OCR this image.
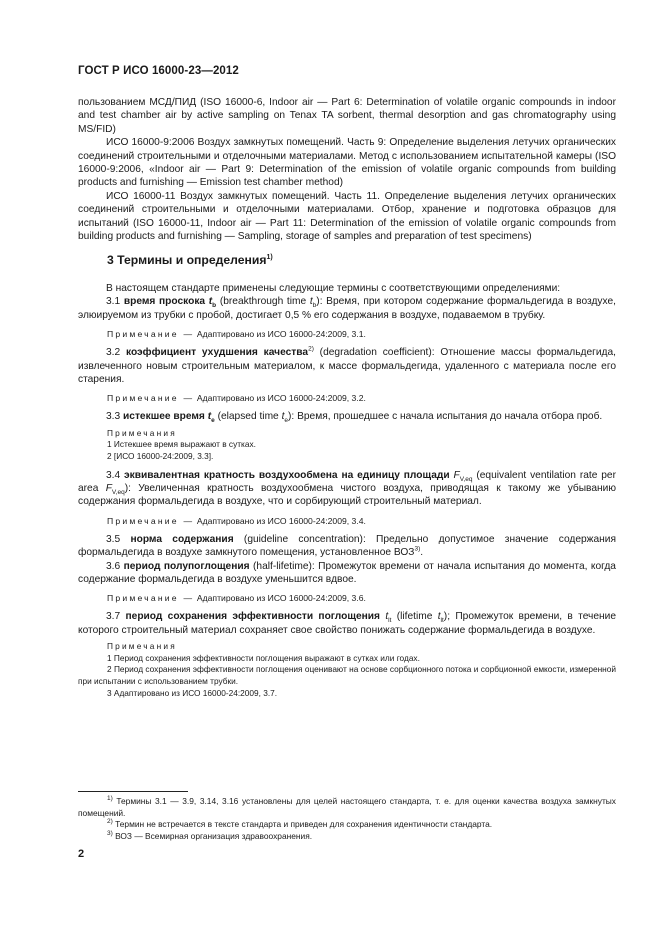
ГОСТ Р ИСО 16000-23—2012

пользованием МСД/ПИД (ISO 16000-6, Indoor air — Part 6: Determination of volatile organic compounds in indoor and test chamber air by active sampling on Tenax TA sorbent, thermal desorption and gas chromatography using MS/FID)

ИСО 16000-9:2006 Воздух замкнутых помещений. Часть 9: Определение выделения летучих органических соединений строительными и отделочными материалами. Метод с использованием испытательной камеры (ISO 16000-9:2006, «Indoor air — Part 9: Determination of the emission of volatile organic compounds from building products and furnishing — Emission test chamber method)

ИСО 16000-11 Воздух замкнутых помещений. Часть 11. Определение выделения летучих органических соединений строительными и отделочными материалами. Отбор, хранение и подготовка образцов для испытаний (ISO 16000-11, Indoor air — Part 11: Determination of the emission of volatile organic compounds from building products and furnishing — Sampling, storage of samples and preparation of test specimens)

3 Термины и определения$^{1)}$

В настоящем стандарте применены следующие термины с соответствующими определениями:

3.1 время проскока $t_b$ (breakthrough time $t_b$): Время, при котором содержание формальдегида в воздухе, элюируемом из трубки с пробой, достигает 0,5 % его содержания в воздухе, подаваемом в трубку.

Примечание — Адаптировано из ИСО 16000-24:2009, 3.1.

3.2 коэффициент ухудшения качества$^{2)}$ (degradation coefficient): Отношение массы формальдегида, извлеченного новым строительным материалом, к массе формальдегида, удаленного с материала после его старения.

Примечание — Адаптировано из ИСО 16000-24:2009, 3.2.

3.3 истекшее время $t_e$ (elapsed time $t_e$): Время, прошедшее с начала испытания до начала отбора проб.

Примечания
1 Истекшее время выражают в сутках.
2 [ИСО 16000-24:2009, 3.3].

3.4 эквивалентная кратность воздухообмена на единицу площади $F_{V,eq}$ (equivalent ventilation rate per area $F_{V,eq}$): Увеличенная кратность воздухообмена чистого воздуха, приводящая к такому же убыванию содержания формальдегида в воздухе, что и сорбирующий строительный материал.

Примечание — Адаптировано из ИСО 16000-24:2009, 3.4.

3.5 норма содержания (guideline concentration): Предельно допустимое значение содержания формальдегида в воздухе замкнутого помещения, установленное ВОЗ$^{3)}$.

3.6 период полупоглощения (half-lifetime): Промежуток времени от начала испытания до момента, когда содержание формальдегида в воздухе уменьшится вдвое.

Примечание — Адаптировано из ИСО 16000-24:2009, 3.6.

3.7 период сохранения эффективности поглощения $t_{lt}$ (lifetime $t_{lt}$); Промежуток времени, в течение которого строительный материал сохраняет свое свойство понижать содержание формальдегида в воздухе.

Примечания
1 Период сохранения эффективности поглощения выражают в сутках или годах.
2 Период сохранения эффективности поглощения оценивают на основе сорбционного потока и сорбционной емкости, измеренной при испытании с использованием трубки.
3 Адаптировано из ИСО 16000-24:2009, 3.7.

$^{1)}$ Термины 3.1 — 3.9, 3.14, 3.16 установлены для целей настоящего стандарта, т. е. для оценки качества воздуха замкнутых помещений.

$^{2)}$ Термин не встречается в тексте стандарта и приведен для сохранения идентичности стандарта.

$^{3)}$ ВОЗ — Всемирная организация здравоохранения.

2
